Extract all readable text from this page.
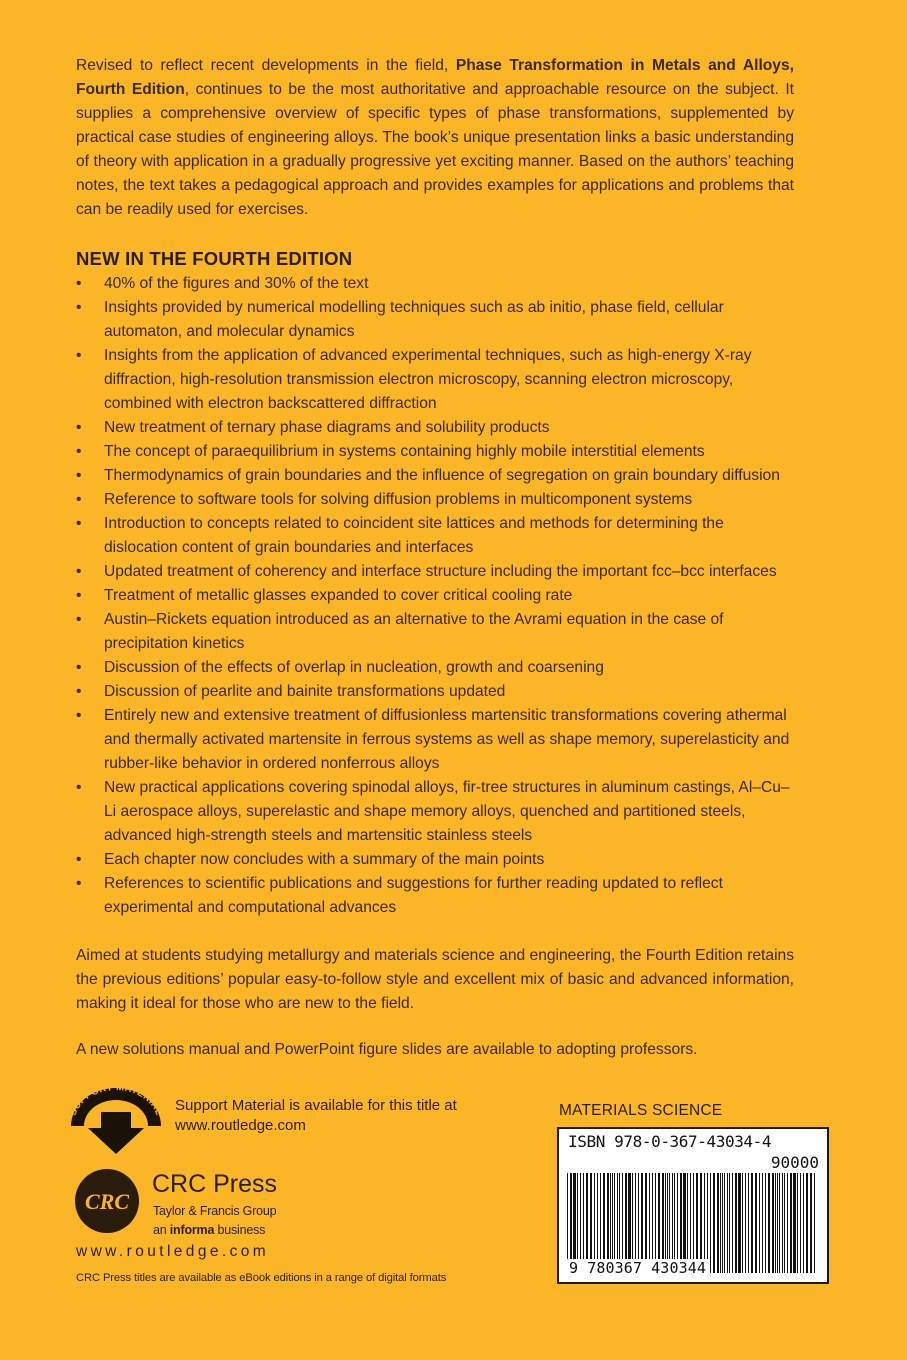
Revised to reflect recent developments in the field, Phase Transformation in Metals and Alloys, Fourth Edition, continues to be the most authoritative and approachable resource on the subject. It supplies a comprehensive overview of specific types of phase transformations, supplemented by practical case studies of engineering alloys. The book’s unique presentation links a basic understanding of theory with application in a gradually progressive yet exciting manner. Based on the authors’ teaching notes, the text takes a pedagogical approach and provides examples for applications and problems that can be readily used for exercises.

NEW IN THE FOURTH EDITION
• 40% of the figures and 30% of the text
• Insights provided by numerical modelling techniques such as ab initio, phase field, cellular automaton, and molecular dynamics
• Insights from the application of advanced experimental techniques, such as high-energy X-ray diffraction, high-resolution transmission electron microscopy, scanning electron microscopy, combined with electron backscattered diffraction
• New treatment of ternary phase diagrams and solubility products
• The concept of paraequilibrium in systems containing highly mobile interstitial elements
• Thermodynamics of grain boundaries and the influence of segregation on grain boundary diffusion
• Reference to software tools for solving diffusion problems in multicomponent systems
• Introduction to concepts related to coincident site lattices and methods for determining the dislocation content of grain boundaries and interfaces
• Updated treatment of coherency and interface structure including the important fcc–bcc interfaces
• Treatment of metallic glasses expanded to cover critical cooling rate
• Austin–Rickets equation introduced as an alternative to the Avrami equation in the case of precipitation kinetics
• Discussion of the effects of overlap in nucleation, growth and coarsening
• Discussion of pearlite and bainite transformations updated
• Entirely new and extensive treatment of diffusionless martensitic transformations covering athermal and thermally activated martensite in ferrous systems as well as shape memory, superelasticity and rubber-like behavior in ordered nonferrous alloys
• New practical applications covering spinodal alloys, fir-tree structures in aluminum castings, Al–Cu–Li aerospace alloys, superelastic and shape memory alloys, quenched and partitioned steels, advanced high-strength steels and martensitic stainless steels
• Each chapter now concludes with a summary of the main points
• References to scientific publications and suggestions for further reading updated to reflect experimental and computational advances

Aimed at students studying metallurgy and materials science and engineering, the Fourth Edition retains the previous editions’ popular easy-to-follow style and excellent mix of basic and advanced information, making it ideal for those who are new to the field.

A new solutions manual and PowerPoint figure slides are available to adopting professors.

SUPPORT MATERIAL Support Material is available for this title at
www.routledge.com
CRC
CRC Press
Taylor & Francis Group
an informa business
www.routledge.com
CRC Press titles are available as eBook editions in a range of digital formats
MATERIALS SCIENCE
ISBN 978-0-367-43034-4
90000
9 780367 430344
